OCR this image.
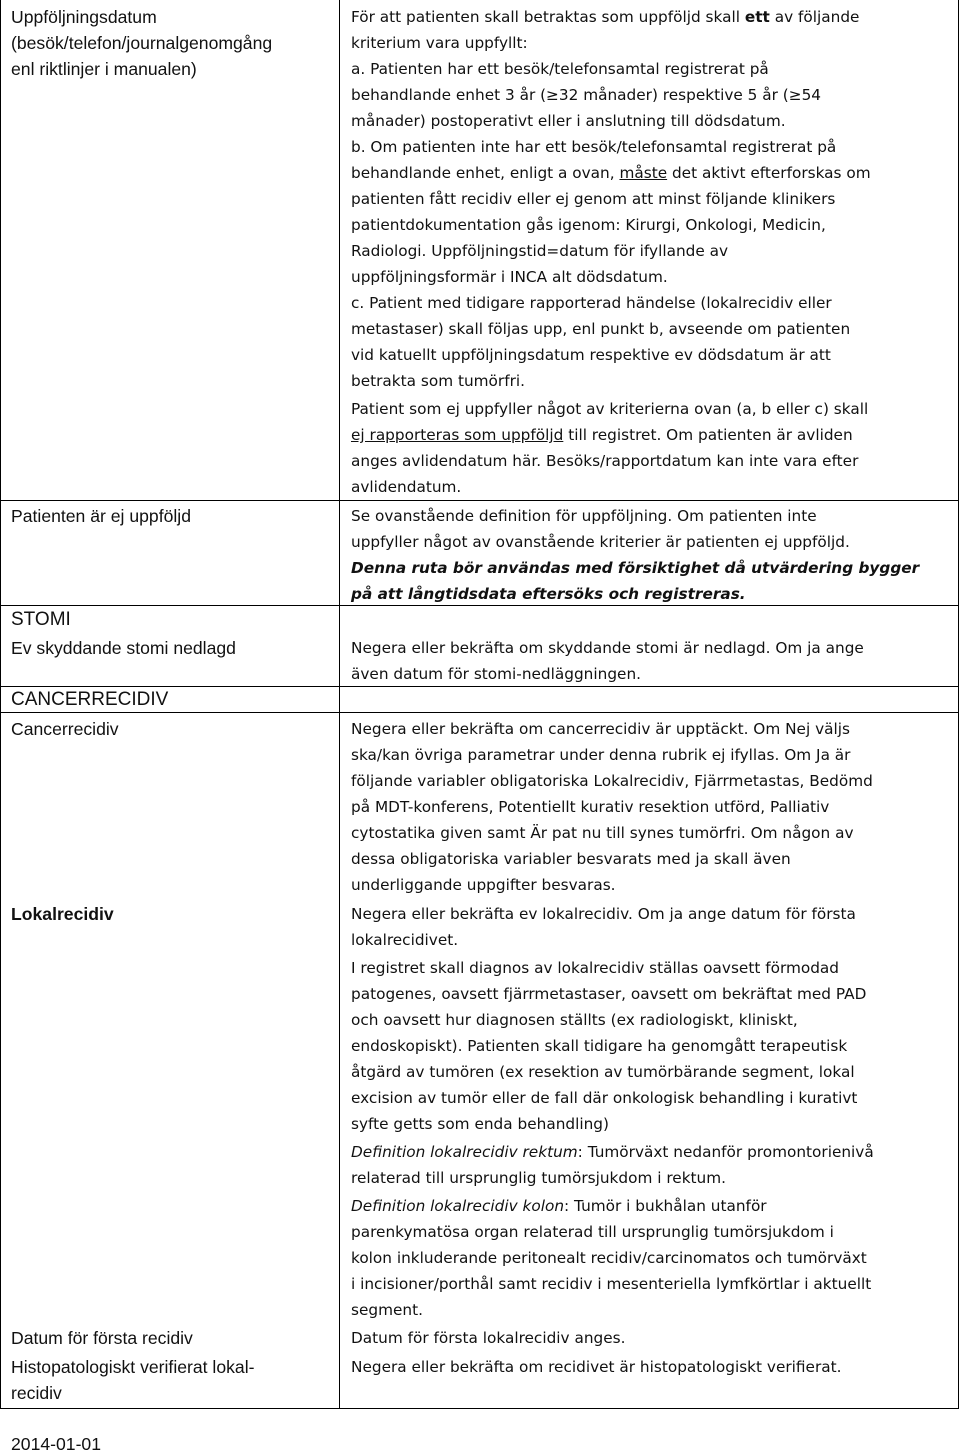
Uppföljningsdatum

(besök/telefon/journalgenomgång

enl riktlinjer i manualen)

Patienten är ej uppföljd

STOMI

Ev skyddande stomi nedlagd

CANCERRECIDIV

Cancerrecidiv

Lokalrecidiv

Datum för första recidiv

Histopatologiskt verifierat lokal-

recidiv

För att patienten skall betraktas som uppföljd skall ett av följande

kriterium vara uppfyllt:

a. Patienten har ett besök/telefonsamtal registrerat på

behandlande enhet 3 år (≥32 månader) respektive 5 år (≥54

månader) postoperativt eller i anslutning till dödsdatum.

b. Om patienten inte har ett besök/telefonsamtal registrerat på

behandlande enhet, enligt a ovan, måste det aktivt efterforskas om

patienten fått recidiv eller ej genom att minst följande klinikers

patientdokumentation gås igenom: Kirurgi, Onkologi, Medicin,

Radiologi. Uppföljningstid=datum för ifyllande av

uppföljningsformär i INCA alt dödsdatum.

c. Patient med tidigare rapporterad händelse (lokalrecidiv eller

metastaser) skall följas upp, enl punkt b, avseende om patienten

vid katuellt uppföljningsdatum respektive ev dödsdatum är att

betrakta som tumörfri.

Patient som ej uppfyller något av kriterierna ovan (a, b eller c) skall

ej rapporteras som uppföljd till registret. Om patienten är avliden

anges avlidendatum här. Besöks/rapportdatum kan inte vara efter

avlidendatum.

Se ovanstående definition för uppföljning. Om patienten inte

uppfyller något av ovanstående kriterier är patienten ej uppföljd.

Denna ruta bör användas med försiktighet då utvärdering bygger

på att långtidsdata eftersöks och registreras.

Negera eller bekräfta om skyddande stomi är nedlagd. Om ja ange

även datum för stomi-nedläggningen.

Negera eller bekräfta om cancerrecidiv är upptäckt. Om Nej väljs

ska/kan övriga parametrar under denna rubrik ej ifyllas. Om Ja är

följande variabler obligatoriska Lokalrecidiv, Fjärrmetastas, Bedömd

på MDT-konferens, Potentiellt kurativ resektion utförd, Palliativ

cytostatika given samt Är pat nu till synes tumörfri. Om någon av

dessa obligatoriska variabler besvarats med ja skall även

underliggande uppgifter besvaras.

Negera eller bekräfta ev lokalrecidiv. Om ja ange datum för första

lokalrecidivet.

I registret skall diagnos av lokalrecidiv ställas oavsett förmodad

patogenes, oavsett fjärrmetastaser, oavsett om bekräftat med PAD

och oavsett hur diagnosen ställts (ex radiologiskt, kliniskt,

endoskopiskt). Patienten skall tidigare ha genomgått terapeutisk

åtgärd av tumören (ex resektion av tumörbärande segment, lokal

excision av tumör eller de fall där onkologisk behandling i kurativt

syfte getts som enda behandling)

Definition lokalrecidiv rektum: Tumörväxt nedanför promontorienivå

relaterad till ursprunglig tumörsjukdom i rektum.

Definition lokalrecidiv kolon: Tumör i bukhålan utanför

parenkymatösa organ relaterad till ursprunglig tumörsjukdom i

kolon inkluderande peritonealt recidiv/carcinomatos och tumörväxt

i incisioner/porthål samt recidiv i mesenteriella lymfkörtlar i aktuellt

segment.

Datum för första lokalrecidiv anges.

Negera eller bekräfta om recidivet är histopatologiskt verifierat.

2014-01-01
